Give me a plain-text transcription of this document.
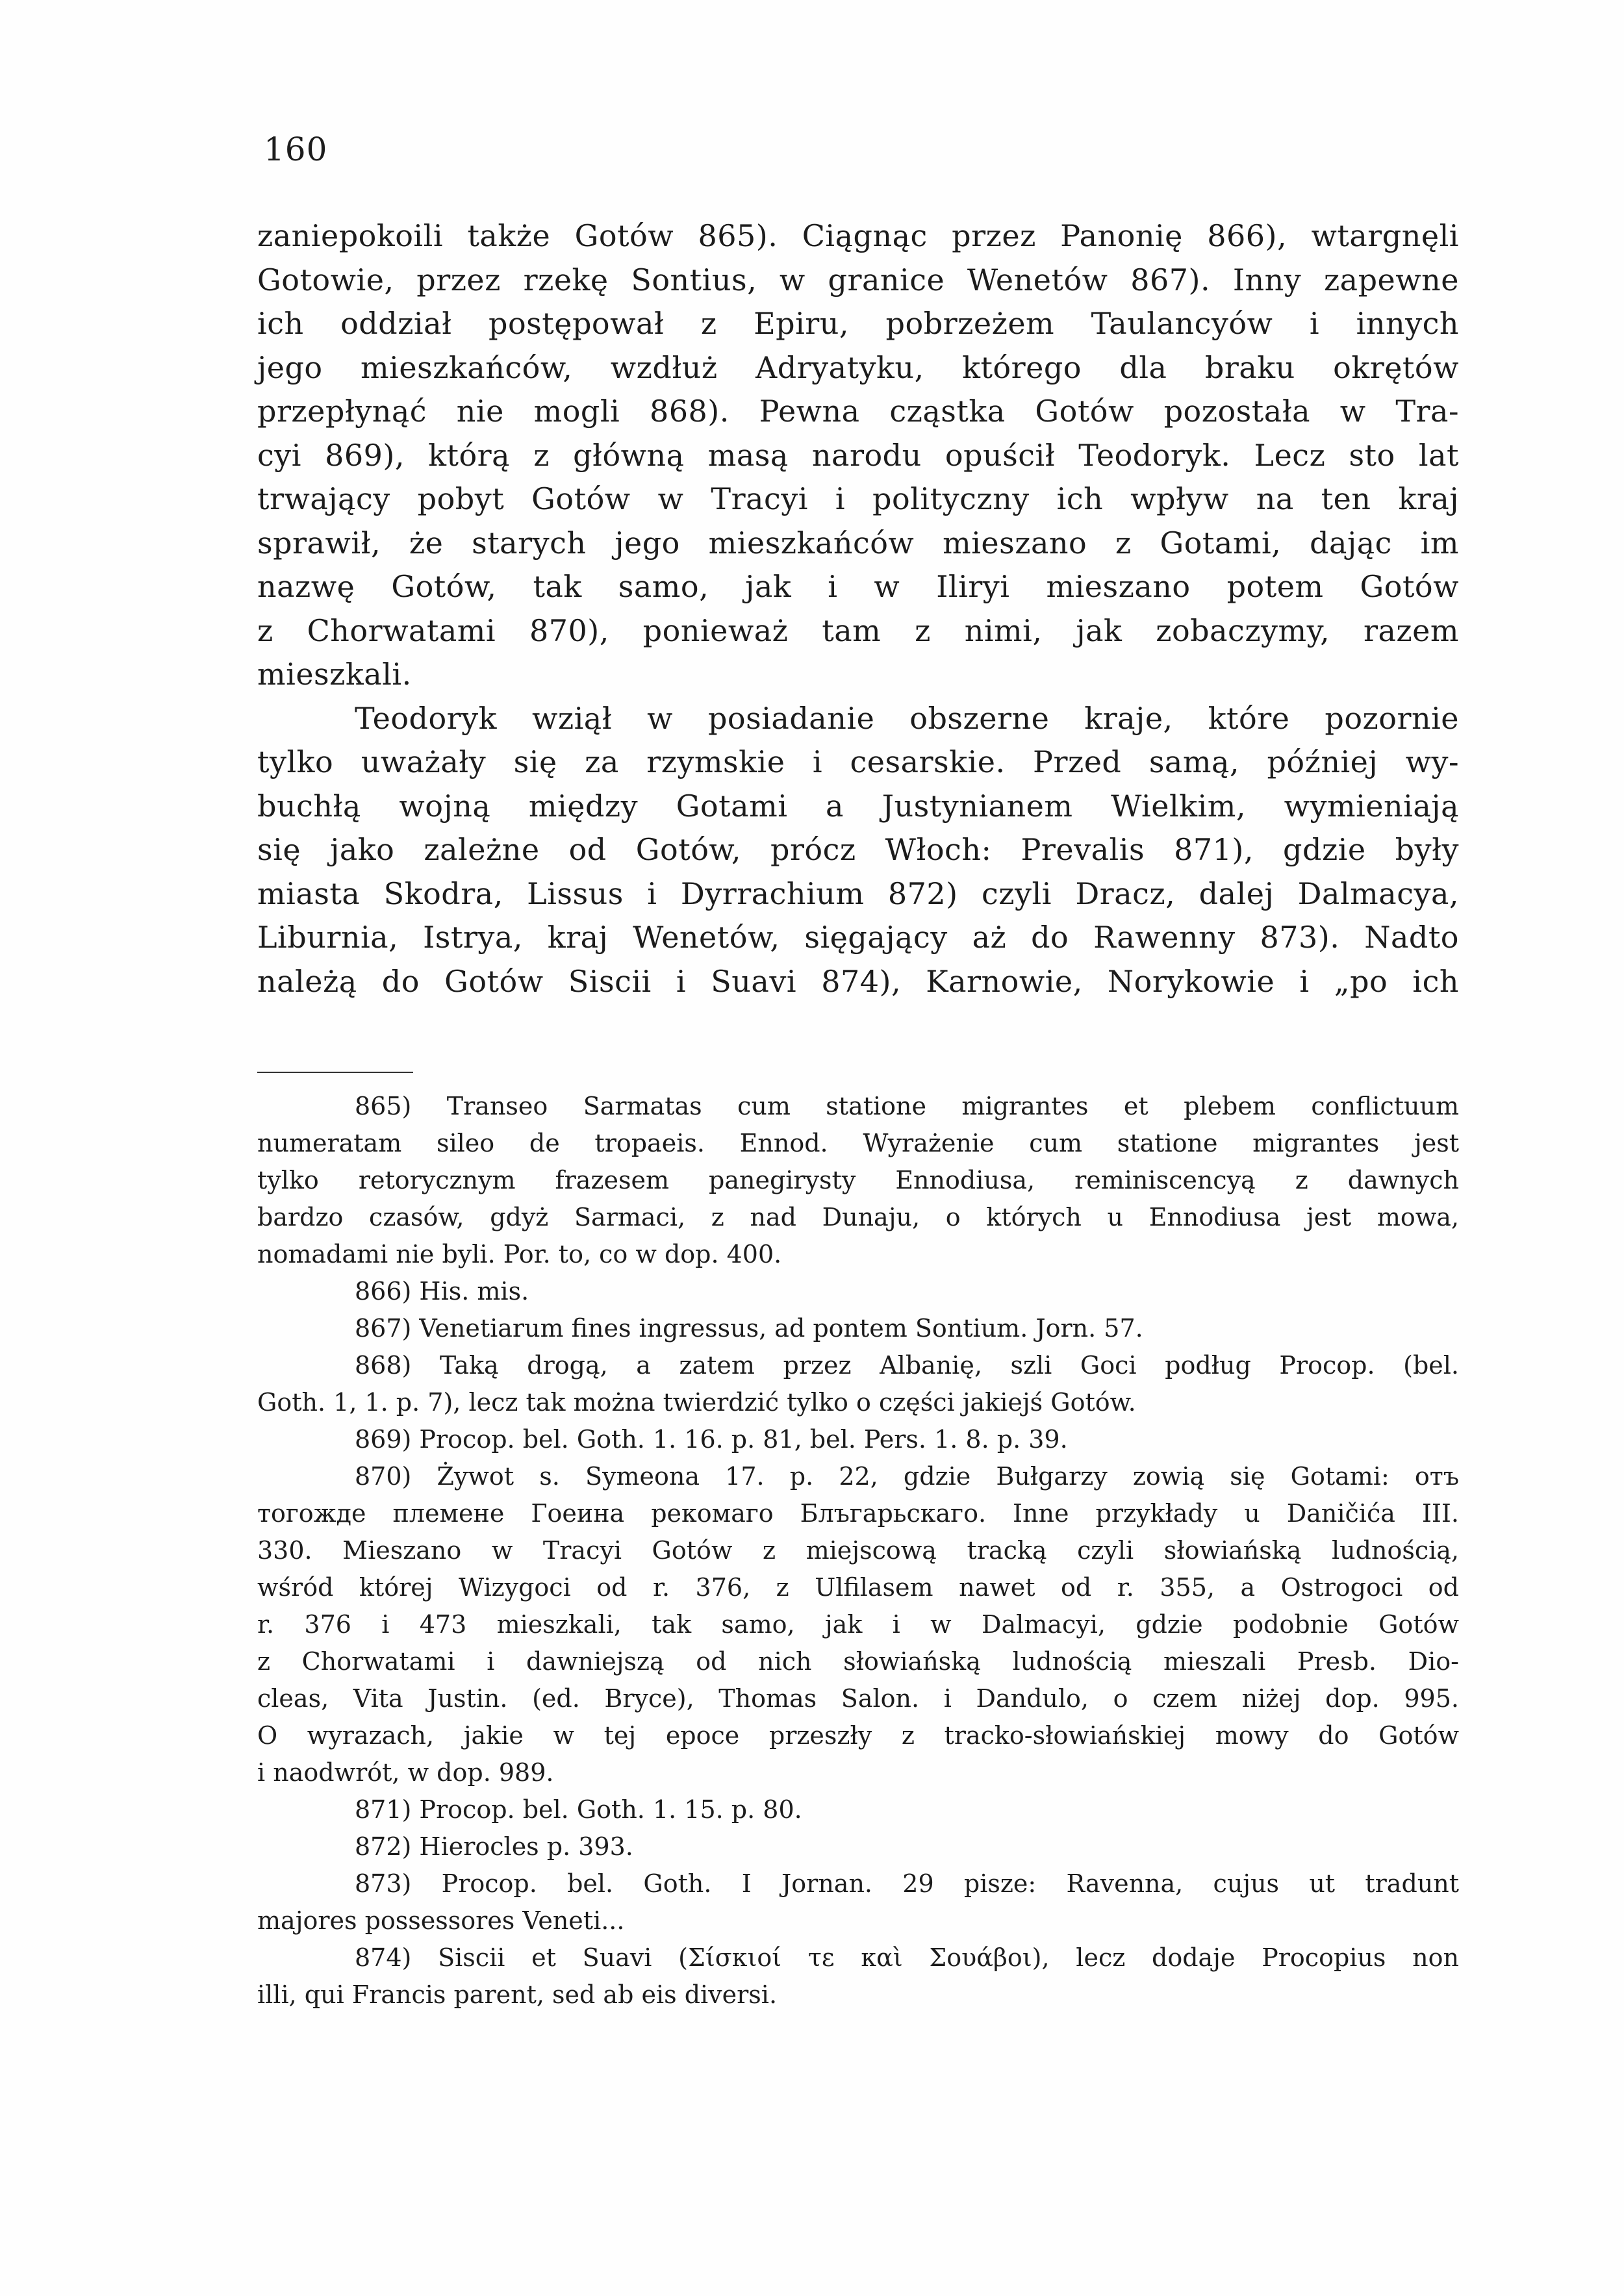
160
zaniepokoili także Gotów 865). Ciągnąc przez Panonię 866), wtargnęli
Gotowie, przez rzekę Sontius, w granice Wenetów 867). Inny zapewne
ich oddział postępował z Epiru, pobrzeżem Taulancyów i innych
jego mieszkańców, wzdłuż Adryatyku, którego dla braku okrętów
przepłynąć nie mogli 868). Pewna cząstka Gotów pozostała w Tra-
cyi 869), którą z główną masą narodu opuścił Teodoryk. Lecz sto lat
trwający pobyt Gotów w Tracyi i polityczny ich wpływ na ten kraj
sprawił, że starych jego mieszkańców mieszano z Gotami, dając im
nazwę Gotów, tak samo, jak i w Iliryi mieszano potem Gotów
z Chorwatami 870), ponieważ tam z nimi, jak zobaczymy, razem
mieszkali.
Teodoryk wziął w posiadanie obszerne kraje, które pozornie
tylko uważały się za rzymskie i cesarskie. Przed samą, później wy-
buchłą wojną między Gotami a Justynianem Wielkim, wymieniają
się jako zależne od Gotów, prócz Włoch: Prevalis 871), gdzie były
miasta Skodra, Lissus i Dyrrachium 872) czyli Dracz, dalej Dalmacya,
Liburnia, Istrya, kraj Wenetów, sięgający aż do Rawenny 873). Nadto
należą do Gotów Siscii i Suavi 874), Karnowie, Norykowie i „po ich
865) Transeo Sarmatas cum statione migrantes et plebem conflictuum
numeratam sileo de tropaeis. Ennod. Wyrażenie cum statione migrantes jest
tylko retorycznym frazesem panegirysty Ennodiusa, reminiscencyą z dawnych
bardzo czasów, gdyż Sarmaci, z nad Dunaju, o których u Ennodiusa jest mowa,
nomadami nie byli. Por. to, co w dop. 400.
866) His. mis.
867) Venetiarum fines ingressus, ad pontem Sontium. Jorn. 57.
868) Taką drogą, a zatem przez Albanię, szli Goci podług Procop. (bel.
Goth. 1, 1. p. 7), lecz tak można twierdzić tylko o części jakiejś Gotów.
869) Procop. bel. Goth. 1. 16. p. 81, bel. Pers. 1. 8. p. 39.
870) Żywot s. Symeona 17. p. 22, gdzie Bułgarzy zowią się Gotami: отъ
тогожде племене Гоеина рекомаго Блъгарьскаго. Inne przykłady u Daničića III.
330. Mieszano w Tracyi Gotów z miejscową tracką czyli słowiańską ludnością,
wśród której Wizygoci od r. 376, z Ulfilasem nawet od r. 355, a Ostrogoci od
r. 376 i 473 mieszkali, tak samo, jak i w Dalmacyi, gdzie podobnie Gotów
z Chorwatami i dawniejszą od nich słowiańską ludnością mieszali Presb. Dio-
cleas, Vita Justin. (ed. Bryce), Thomas Salon. i Dandulo, o czem niżej dop. 995.
O wyrazach, jakie w tej epoce przeszły z tracko-słowiańskiej mowy do Gotów
i naodwrót, w dop. 989.
871) Procop. bel. Goth. 1. 15. p. 80.
872) Hierocles p. 393.
873) Procop. bel. Goth. I Jornan. 29 pisze: Ravenna, cujus ut tradunt
majores possessores Veneti...
874) Siscii et Suavi (Σίσκιοί τε καὶ Σουάβοι), lecz dodaje Procopius non
illi, qui Francis parent, sed ab eis diversi.
